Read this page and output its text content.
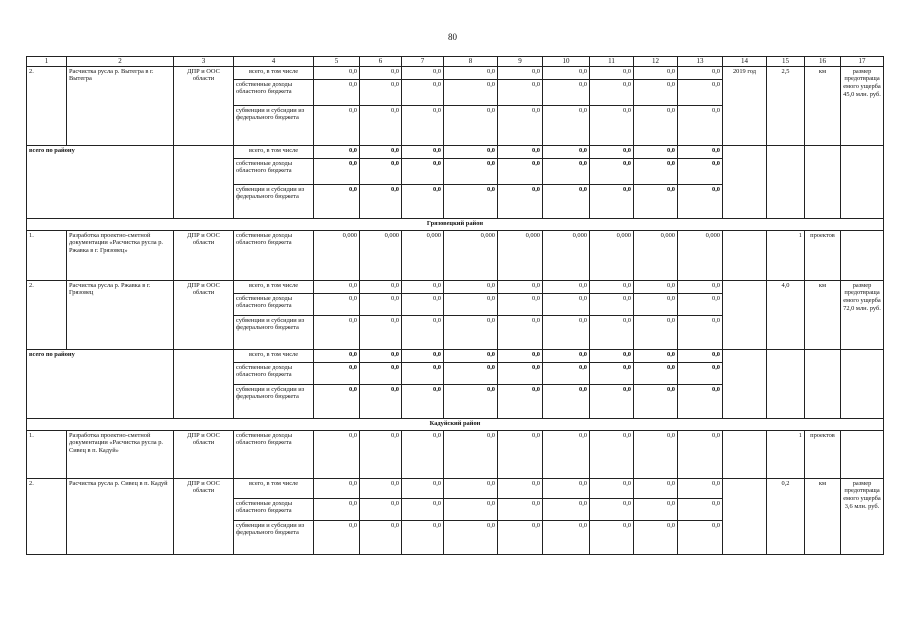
80
1	2	3	4	5	6	7	8	9	10	11	12	13	14	15	16	17
2.	Расчистка русла р. Вытегра в г. Вытегра	ДПР и ООС области	всего, в том числе	0,0	0,0	0,0	0,0	0,0	0,0	0,0	0,0	0,0	2019 год	2,5	км	размер предотвращаемого ущерба 45,0 млн. руб.
			собственные доходы областного бюджета	0,0	0,0	0,0	0,0	0,0	0,0	0,0	0,0	0,0				
			субвенции и субсидии из федерального бюджета	0,0	0,0	0,0	0,0	0,0	0,0	0,0	0,0	0,0				
всего по району			всего, в том числе	0,0	0,0	0,0	0,0	0,0	0,0	0,0	0,0	0,0				
			собственные доходы областного бюджета	0,0	0,0	0,0	0,0	0,0	0,0	0,0	0,0	0,0				
			субвенции и субсидии из федерального бюджета	0,0	0,0	0,0	0,0	0,0	0,0	0,0	0,0	0,0				
Грязовецкий район																
1.	Разработка проектно-сметной документации «Расчистка русла р. Ржавка в г. Грязовец»	ДПР и ООС области	собственные доходы областного бюджета	0,000	0,000	0,000	0,000	0,000	0,000	0,000	0,000	0,000		1	проектов	
2.	Расчистка русла р. Ржавка в г. Грязовец	ДПР и ООС области	всего, в том числе	0,0	0,0	0,0	0,0	0,0	0,0	0,0	0,0	0,0		4,0	км	размер предотвращаемого ущерба 72,0 млн. руб.
			собственные доходы областного бюджета	0,0	0,0	0,0	0,0	0,0	0,0	0,0	0,0	0,0				
			субвенции и субсидии из федерального бюджета	0,0	0,0	0,0	0,0	0,0	0,0	0,0	0,0	0,0				
всего по району			всего, в том числе	0,0	0,0	0,0	0,0	0,0	0,0	0,0	0,0	0,0				
			собственные доходы областного бюджета	0,0	0,0	0,0	0,0	0,0	0,0	0,0	0,0	0,0				
			субвенции и субсидии из федерального бюджета	0,0	0,0	0,0	0,0	0,0	0,0	0,0	0,0	0,0				
Кадуйский район																
1.	Разработка проектно-сметной документации «Расчистка русла р. Сивец в п. Кадуй»	ДПР и ООС области	собственные доходы областного бюджета	0,0	0,0	0,0	0,0	0,0	0,0	0,0	0,0	0,0		1	проектов	
2.	Расчистка русла р. Сивец в п. Кадуй	ДПР и ООС области	всего, в том числе	0,0	0,0	0,0	0,0	0,0	0,0	0,0	0,0	0,0		0,2	км	размер предотвращаемого ущерба 3,6 млн. руб.
			собственные доходы областного бюджета	0,0	0,0	0,0	0,0	0,0	0,0	0,0	0,0	0,0				
			субвенции и субсидии из федерального бюджета	0,0	0,0	0,0	0,0	0,0	0,0	0,0	0,0	0,0				
